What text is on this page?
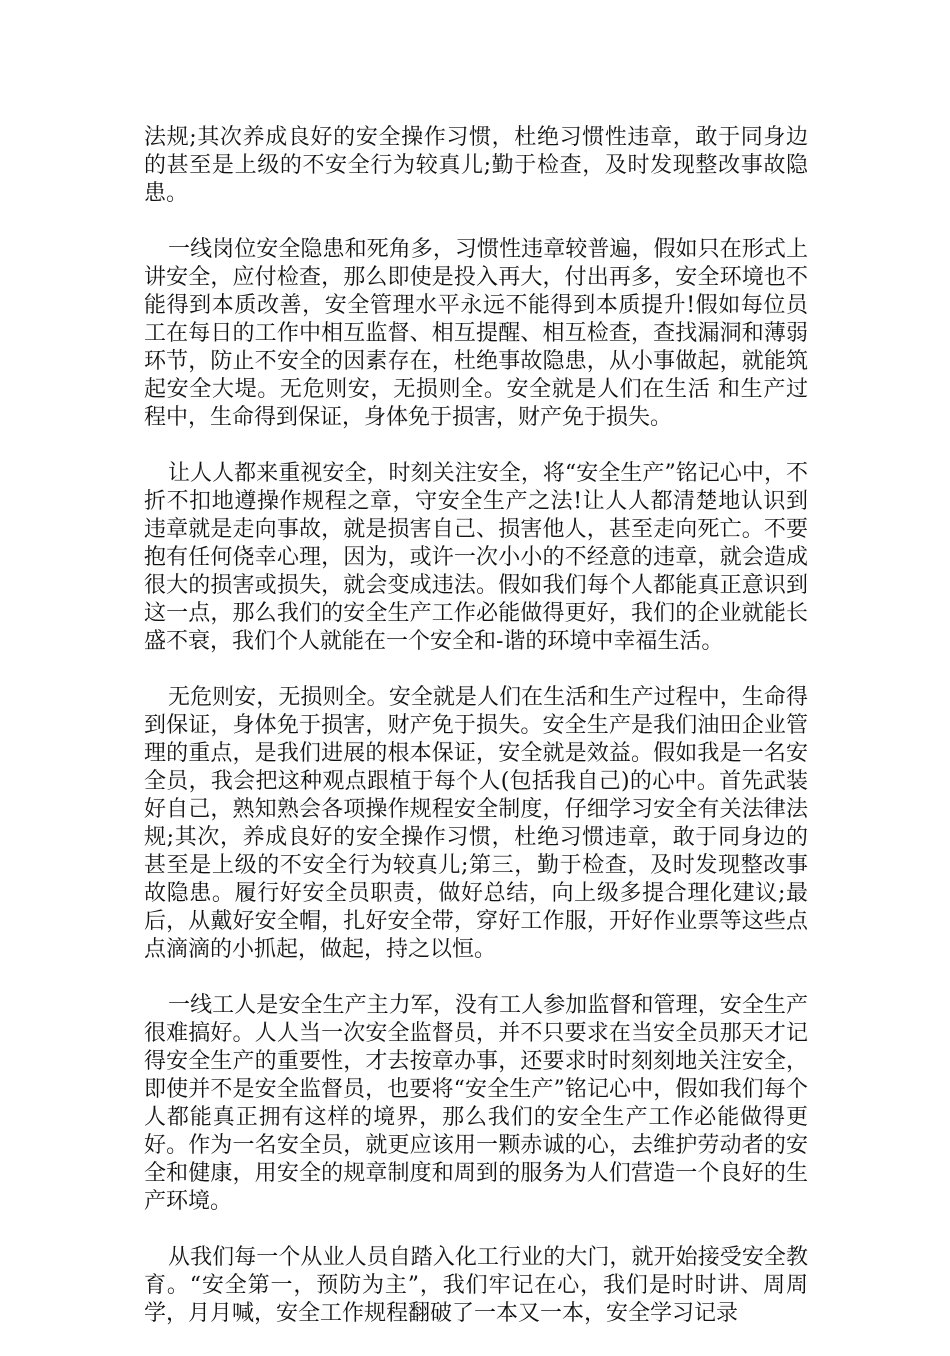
法规;其次养成良好的安全操作习惯，杜绝习惯性违章，敢于同身边的甚至是上级的不安全行为较真儿;勤于检查，及时发现整改事故隐患。

一线岗位安全隐患和死角多，习惯性违章较普遍，假如只在形式上讲安全，应付检查，那么即使是投入再大，付出再多，安全环境也不能得到本质改善，安全管理水平永远不能得到本质提升!假如每位员工在每日的工作中相互监督、相互提醒、相互检查，查找漏洞和薄弱环节，防止不安全的因素存在，杜绝事故隐患，从小事做起，就能筑起安全大堤。无危则安，无损则全。安全就是人们在生活 和生产过程中，生命得到保证，身体免于损害，财产免于损失。

让人人都来重视安全，时刻关注安全，将“安全生产”铭记心中，不折不扣地遵操作规程之章，守安全生产之法!让人人都清楚地认识到违章就是走向事故，就是损害自己、损害他人，甚至走向死亡。不要抱有任何侥幸心理，因为，或许一次小小的不经意的违章，就会造成很大的损害或损失，就会变成违法。假如我们每个人都能真正意识到这一点，那么我们的安全生产工作必能做得更好，我们的企业就能长盛不衰，我们个人就能在一个安全和-谐的环境中幸福生活。

无危则安，无损则全。安全就是人们在生活和生产过程中，生命得到保证，身体免于损害，财产免于损失。安全生产是我们油田企业管理的重点，是我们进展的根本保证，安全就是效益。假如我是一名安全员，我会把这种观点跟植于每个人(包括我自己)的心中。首先武装好自己，熟知熟会各项操作规程安全制度，仔细学习安全有关法律法规;其次，养成良好的安全操作习惯，杜绝习惯违章，敢于同身边的甚至是上级的不安全行为较真儿;第三，勤于检查，及时发现整改事故隐患。履行好安全员职责，做好总结，向上级多提合理化建议;最后，从戴好安全帽，扎好安全带，穿好工作服，开好作业票等这些点点滴滴的小抓起，做起，持之以恒。

一线工人是安全生产主力军，没有工人参加监督和管理，安全生产很难搞好。人人当一次安全监督员，并不只要求在当安全员那天才记得安全生产的重要性，才去按章办事，还要求时时刻刻地关注安全，即使并不是安全监督员，也要将“安全生产”铭记心中，假如我们每个人都能真正拥有这样的境界，那么我们的安全生产工作必能做得更好。作为一名安全员，就更应该用一颗赤诚的心，去维护劳动者的安全和健康，用安全的规章制度和周到的服务为人们营造一个良好的生产环境。

从我们每一个从业人员自踏入化工行业的大门，就开始接受安全教育。“安全第一，预防为主”，我们牢记在心，我们是时时讲、周周学，月月喊，安全工作规程翻破了一本又一本，安全学习记录
